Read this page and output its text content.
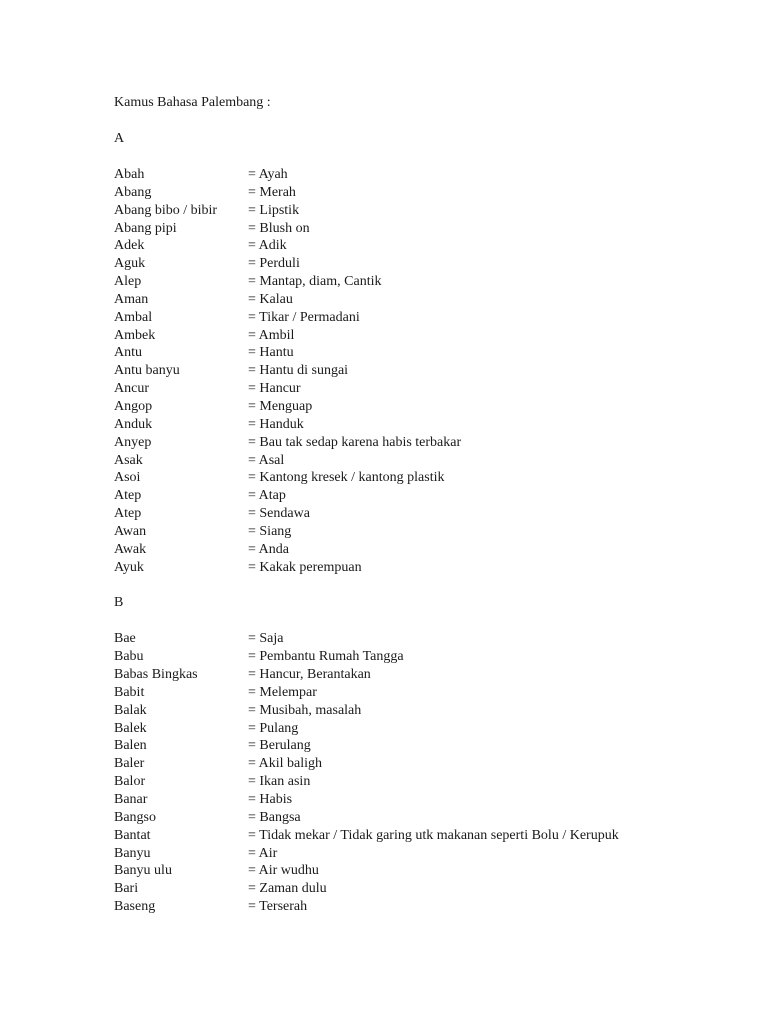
Kamus Bahasa Palembang :
A
Abah	= Ayah
Abang	= Merah
Abang bibo / bibir	= Lipstik
Abang pipi	= Blush on
Adek	= Adik
Aguk	= Perduli
Alep	= Mantap, diam, Cantik
Aman	= Kalau
Ambal	= Tikar / Permadani
Ambek	= Ambil
Antu	= Hantu
Antu banyu	= Hantu di sungai
Ancur	= Hancur
Angop	= Menguap
Anduk	= Handuk
Anyep	= Bau tak sedap karena habis terbakar
Asak	= Asal
Asoi	= Kantong kresek / kantong plastik
Atep	= Atap
Atep	= Sendawa
Awan	= Siang
Awak	= Anda
Ayuk	= Kakak perempuan
B
Bae	= Saja
Babu	= Pembantu Rumah Tangga
Babas Bingkas	= Hancur, Berantakan
Babit	= Melempar
Balak	= Musibah, masalah
Balek	= Pulang
Balen	= Berulang
Baler	= Akil baligh
Balor	= Ikan asin
Banar	= Habis
Bangso	= Bangsa
Bantat	= Tidak mekar / Tidak garing utk makanan seperti Bolu / Kerupuk
Banyu	= Air
Banyu ulu	= Air wudhu
Bari	= Zaman dulu
Baseng	= Terserah
